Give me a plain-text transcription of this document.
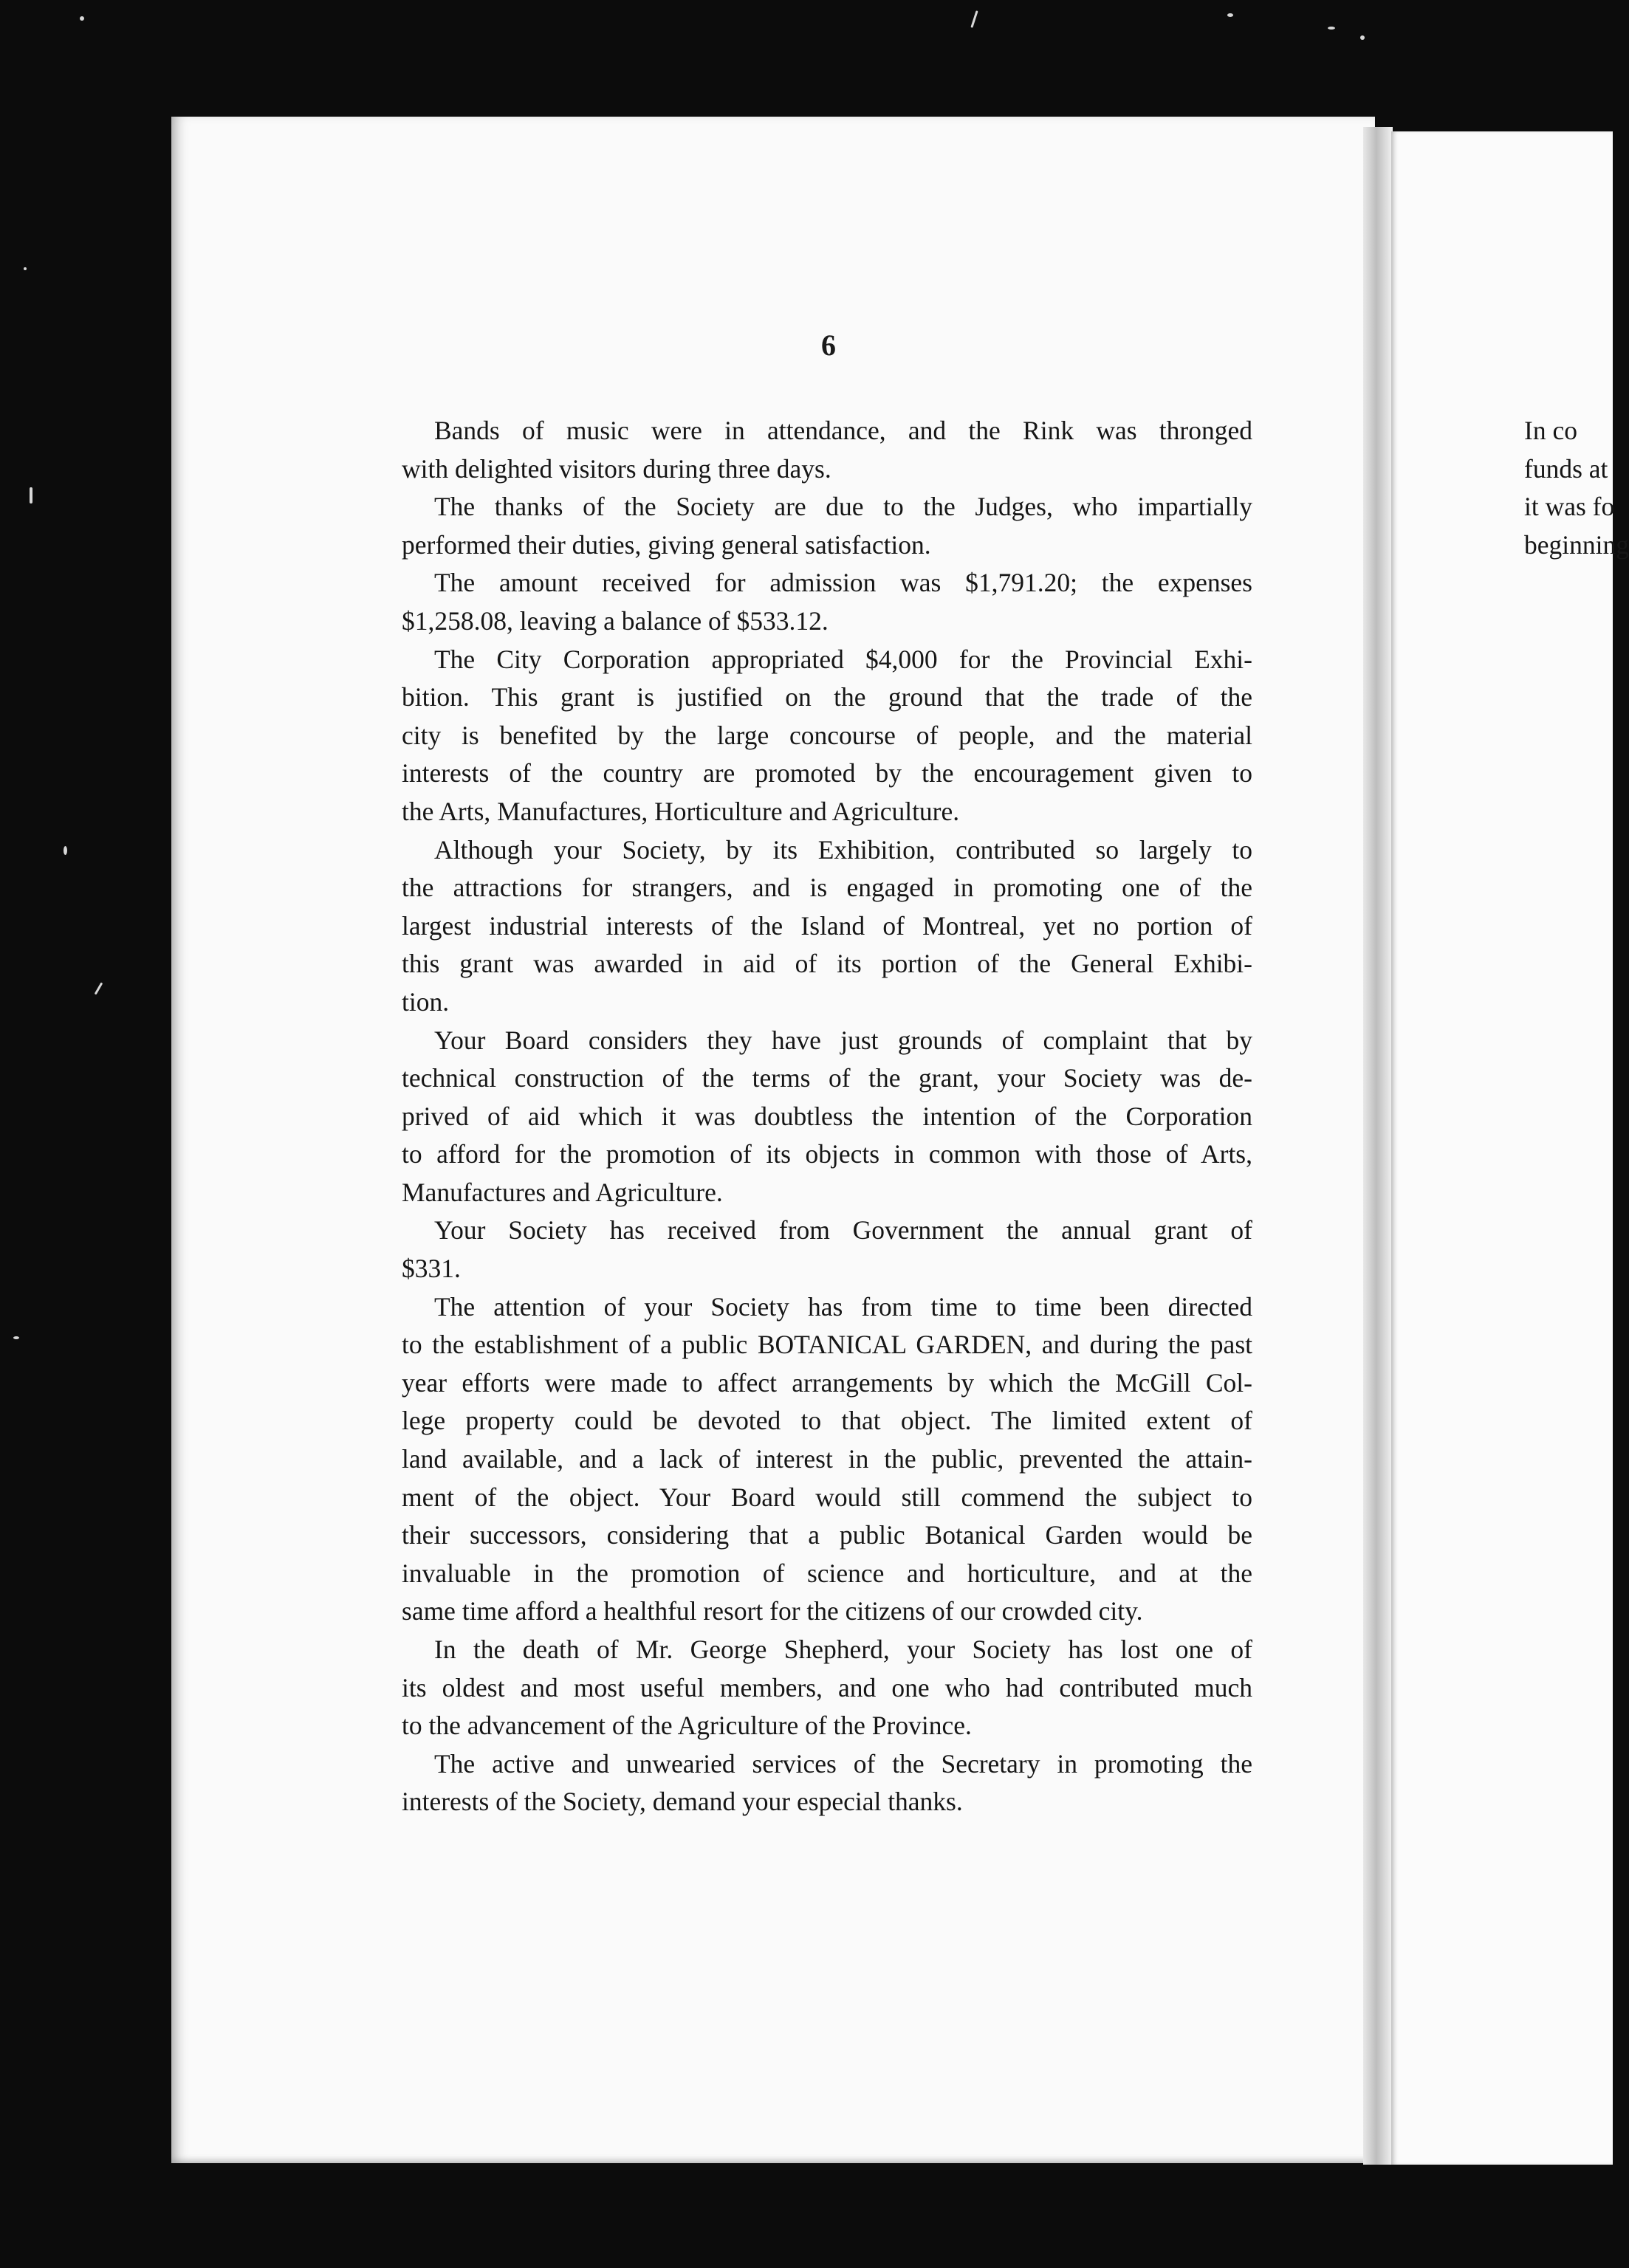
6
Bands of music were in attendance, and the Rink was thronged
with delighted visitors during three days.
The thanks of the Society are due to the Judges, who impartially
performed their duties, giving general satisfaction.
The amount received for admission was $1,791.20; the expenses
$1,258.08, leaving a balance of $533.12.
The City Corporation appropriated $4,000 for the Provincial Exhi-
bition. This grant is justified on the ground that the trade of the
city is benefited by the large concourse of people, and the material
interests of the country are promoted by the encouragement given to
the Arts, Manufactures, Horticulture and Agriculture.
Although your Society, by its Exhibition, contributed so largely to
the attractions for strangers, and is engaged in promoting one of the
largest industrial interests of the Island of Montreal, yet no portion of
this grant was awarded in aid of its portion of the General Exhibi-
tion.
Your Board considers they have just grounds of complaint that by
technical construction of the terms of the grant, your Society was de-
prived of aid which it was doubtless the intention of the Corporation
to afford for the promotion of its objects in common with those of Arts,
Manufactures and Agriculture.
Your Society has received from Government the annual grant of
$331.
The attention of your Society has from time to time been directed
to the establishment of a public BOTANICAL GARDEN, and during the past
year efforts were made to affect arrangements by which the McGill Col-
lege property could be devoted to that object. The limited extent of
land available, and a lack of interest in the public, prevented the attain-
ment of the object. Your Board would still commend the subject to
their successors, considering that a public Botanical Garden would be
invaluable in the promotion of science and horticulture, and at the
same time afford a healthful resort for the citizens of our crowded city.
In the death of Mr. George Shepherd, your Society has lost one of
its oldest and most useful members, and one who had contributed much
to the advancement of the Agriculture of the Province.
The active and unwearied services of the Secretary in promoting the
interests of the Society, demand your especial thanks.
In co
funds at
it was fo
beginning
